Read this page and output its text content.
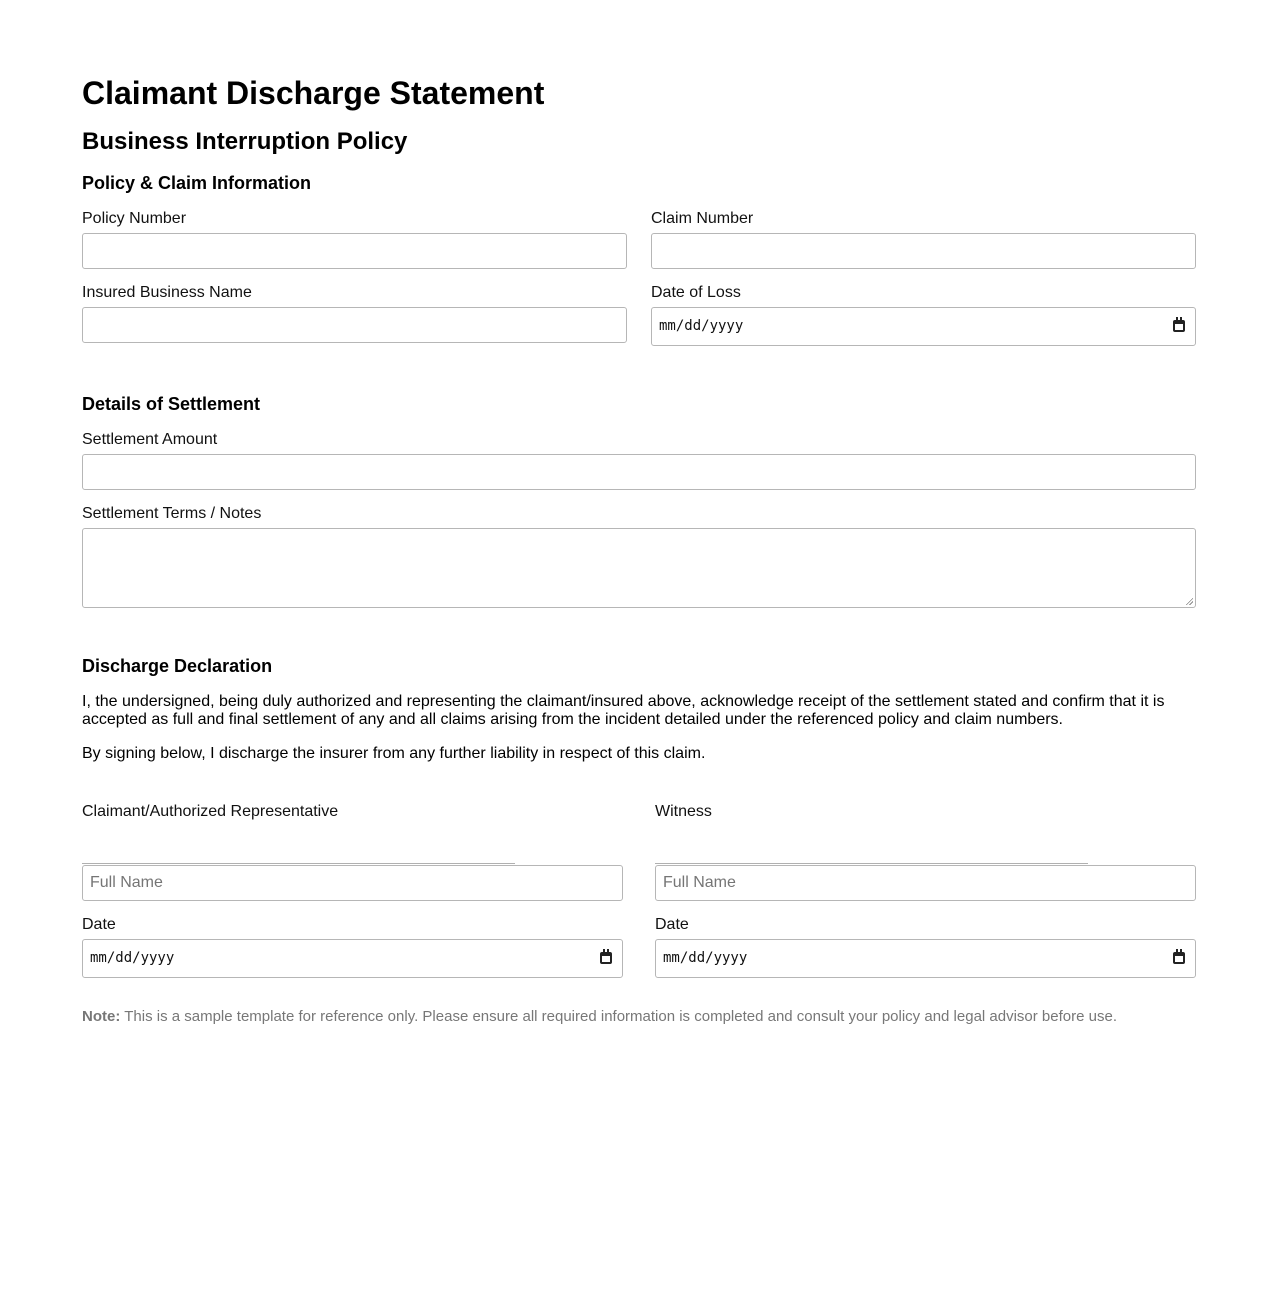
Claimant Discharge Statement
Business Interruption Policy
Policy & Claim Information
Policy Number	Claim Number
Insured Business Name	Date of Loss
mm/dd/yyyy
Details of Settlement
Settlement Amount
Settlement Terms / Notes
Discharge Declaration

I, the undersigned, being duly authorized and representing the claimant/insured above, acknowledge receipt of the settlement stated and confirm that it is accepted as full and final settlement of any and all claims arising from the incident detailed under the referenced policy and claim numbers.

By signing below, I discharge the insurer from any further liability in respect of this claim.

Claimant/Authorized Representative
Full Name
Date
mm/dd/yyyy
Witness
Full Name
Date
mm/dd/yyyy
Note: This is a sample template for reference only. Please ensure all required information is completed and consult your policy and legal advisor before use.
